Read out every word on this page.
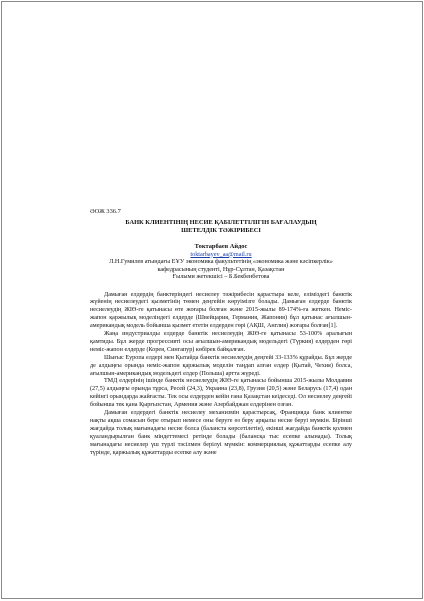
ӘОЖ 336.7

БАНК КЛИЕНТІНІҢ НЕСИЕ ҚАБІЛЕТТІЛІГІН БАҒАЛАУДЫҢ

ШЕТЕЛДІК ТӘЖІРИБЕСІ

Токтарбаев Айдос
toktarbayev_aa@mail.ru
Л.Н.Гумилев атындағы ЕҰУ экономика факультетінің «экономика және кәсіпкерлік»
кафедрасының студенті, Нұр-Сұлтан, Қазақстан
Ғылыми жетекшісі – Б.Бекбенбетова

Дамыған елдердің банктеріндегі несиелеу тәжірибесін қарастыра келе, еліміздегі банктік жүйенің несиелеудегі қызметінің төмен деңгейін көруімізге болады. Дамыған елдерде банктік несиелеудің ЖІӨ-ге қатынасы өте жоғары болған және 2015-жылы 89-174%-ға жеткен. Неміс-жапон қаржылық моделіндегі елдерде (Швейцария, Германия, Жапония) бұл қатынас ағылшын-американдық модель бойынша қызмет ететін елдерден гөрі (АҚШ, Англия) жоғары болған[1].

Жаңа индустриалды елдерде банктік несиелеудің ЖІӨ-ге қатынасы 53-100% аралығын қамтиды. Бұл жерде прогрессивті осы ағылшын-американдық модельдегі (Түркия) елдерден гөрі неміс-жапон елдерде (Корея, Сингапур) көбірек байқалған.

Шығыс Еуропа елдері мен Қытайда банктік несиелеудің деңгейі 33-133% құрайды. Бұл жерде де алдыңғы орында неміс-жапон қаржылық моделін таңдап алған елдер (Қытай, Чехия) болса, ағылшын-американдық модельдегі елдер (Польша) артта жүреді.

ТМД елдерінің ішінде банктік несиелеудің ЖІӨ-ге қатынасы бойынша 2015-жылы Молдавия (27,5) алдыңғы орында тұрса, Ресей (24,3), Украина (23,8), Грузия (20,5) және Беларусь (17,4) одан кейінгі орындарда жайғасты. Тек осы елдерден кейін ғана Қазақстан кеідеседі. Ол несиелеу деңгейі бойынша тек қана Қырғызстан, Армения және Азербайджан елдерінен озған.

Дамыған елдердегі банктік несиелеу механизмін қарастырсақ, Францияда банк клиентке нақты ақша сомасын бере отырып немесе оны беруге өз беру арқылы несие беруі мүмкін. Бірінші жағдайда толық мағынадағы несие болса (баланста көрсетілетін), екінші жағдайда банктік қолмен қуаландырылған банк міндеттемесі ретінде болады (балансқа тыс есепке алынады). Толық мағынадағы несиелер үш түрлі тәсілмен берілуі мүмкін: коммерциялық құжаттарды есепке алу түрінде, қаржылық құжаттарды есепке алу және
